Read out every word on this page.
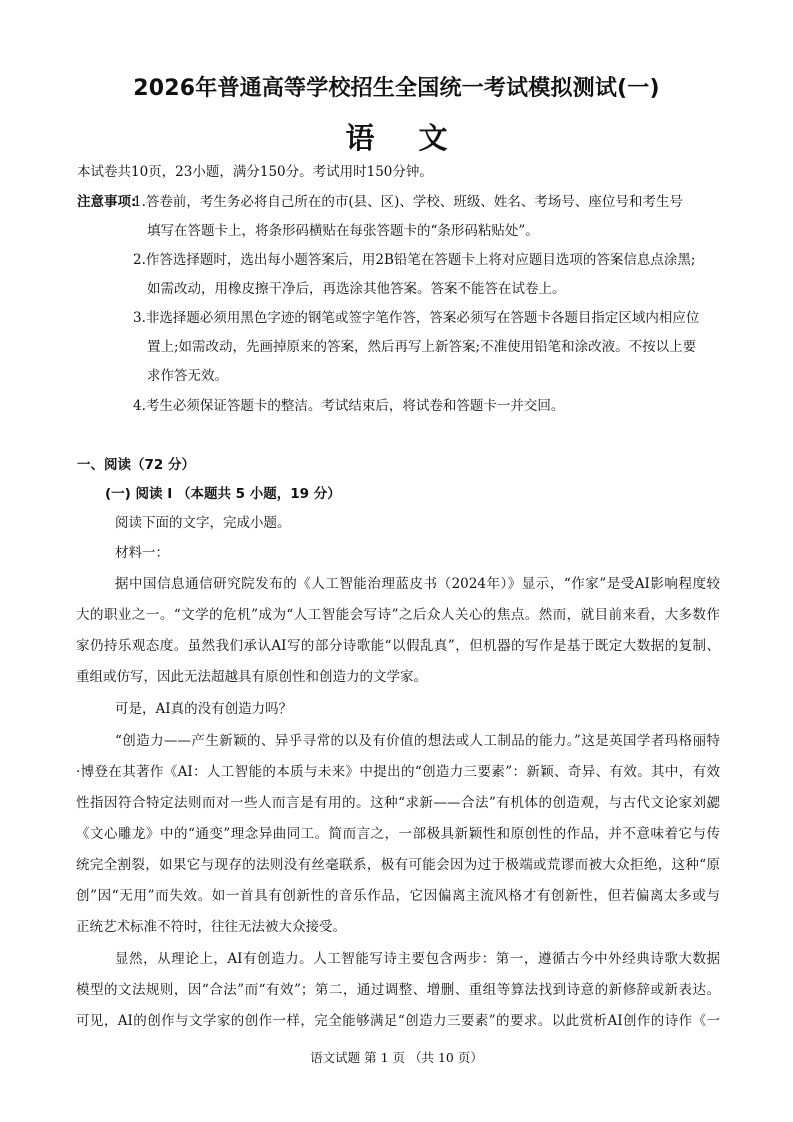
2026年普通高等学校招生全国统一考试模拟测试(一)
语文
本试卷共10页，23小题，满分150分。考试用时150分钟。
注意事项:
1.答卷前，考生务必将自己所在的市(县、区)、学校、班级、姓名、考场号、座位号和考生号
填写在答题卡上，将条形码横贴在每张答题卡的“条形码粘贴处”。
2.作答选择题时，选出每小题答案后，用2B铅笔在答题卡上将对应题目选项的答案信息点涂黑;
如需改动，用橡皮擦干净后，再选涂其他答案。答案不能答在试卷上。
3.非选择题必须用黑色字迹的钢笔或签字笔作答，答案必须写在答题卡各题目指定区域内相应位
置上;如需改动，先画掉原来的答案，然后再写上新答案;不准使用铅笔和涂改液。不按以上要
求作答无效。
4.考生必须保证答题卡的整洁。考试结束后，将试卷和答题卡一并交回。
一、阅读（72 分）
(一) 阅读 Ⅰ （本题共 5 小题，19 分）
阅读下面的文字，完成小题。
材料一：
据中国信息通信研究院发布的《人工智能治理蓝皮书（2024年）》显示，“作家”是受AI影响程度较
大的职业之一。“文学的危机”成为“人工智能会写诗”之后众人关心的焦点。然而，就目前来看，大多数作
家仍持乐观态度。虽然我们承认AI写的部分诗歌能“以假乱真”，但机器的写作是基于既定大数据的复制、
重组或仿写，因此无法超越具有原创性和创造力的文学家。
可是，AI真的没有创造力吗？
“创造力——产生新颖的、异乎寻常的以及有价值的想法或人工制品的能力。”这是英国学者玛格丽特
·博登在其著作《AI：人工智能的本质与未来》中提出的“创造力三要素”：新颖、奇异、有效。其中，有效
性指因符合特定法则而对一些人而言是有用的。这种“求新——合法”有机体的创造观，与古代文论家刘勰
《文心雕龙》中的“通变”理念异曲同工。简而言之，一部极具新颖性和原创性的作品，并不意味着它与传
统完全割裂，如果它与现存的法则没有丝毫联系，极有可能会因为过于极端或荒谬而被大众拒绝，这种“原
创”因“无用”而失效。如一首具有创新性的音乐作品，它因偏离主流风格才有创新性，但若偏离太多或与
正统艺术标准不符时，往往无法被大众接受。
显然，从理论上，AI有创造力。人工智能写诗主要包含两步：第一，遵循古今中外经典诗歌大数据
模型的文法规则，因“合法”而“有效”；第二，通过调整、增删、重组等算法找到诗意的新修辞或新表达。
可见，AI的创作与文学家的创作一样，完全能够满足“创造力三要素”的要求。以此赏析AI创作的诗作《一
语文试题 第 1 页 （共 10 页）
